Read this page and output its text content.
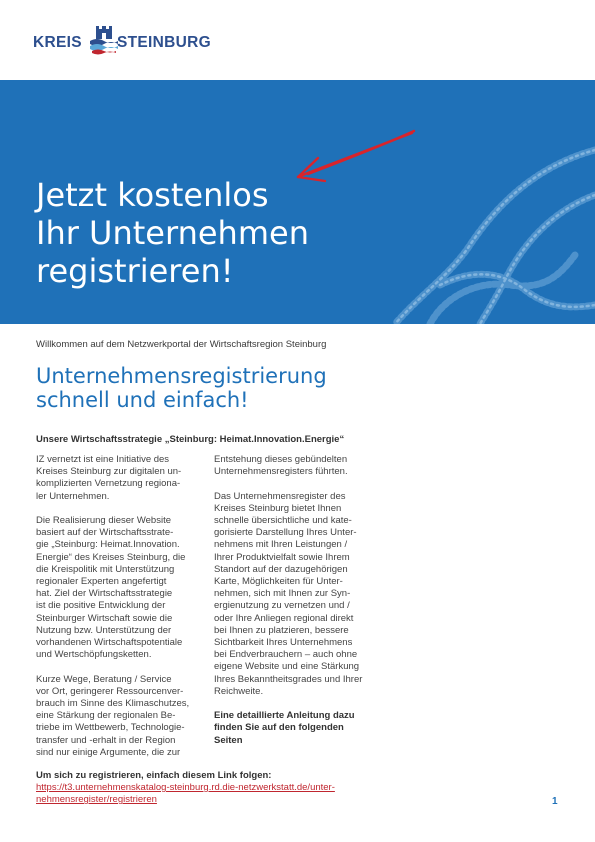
KREIS STEINBURG
Jetzt kostenlos
Ihr Unternehmen
registrieren!
Willkommen auf dem Netzwerkportal der Wirtschaftsregion Steinburg
Unternehmensregistrierung
schnell und einfach!
Unsere Wirtschaftsstrategie „Steinburg: Heimat.Innovation.Energie“

IZ vernetzt ist eine Initiative des
Kreises Steinburg zur digitalen un-
komplizierten Vernetzung regiona-
ler Unternehmen.

Die Realisierung dieser Website
basiert auf der Wirtschaftsstrate-
gie „Steinburg: Heimat.Innovation.
Energie“ des Kreises Steinburg, die
die Kreispolitik mit Unterstützung
regionaler Experten angefertigt
hat. Ziel der Wirtschaftsstrategie
ist die positive Entwicklung der
Steinburger Wirtschaft sowie die
Nutzung bzw. Unterstützung der
vorhandenen Wirtschaftspotentiale
und Wertschöpfungsketten.

Kurze Wege, Beratung / Service
vor Ort, geringerer Ressourcenver-
brauch im Sinne des Klimaschutzes,
eine Stärkung der regionalen Be-
triebe im Wettbewerb, Technologie-
transfer und -erhalt in der Region
sind nur einige Argumente, die zur

Entstehung dieses gebündelten
Unternehmensregisters führten.

Das Unternehmensregister des
Kreises Steinburg bietet Ihnen
schnelle übersichtliche und kate-
gorisierte Darstellung Ihres Unter-
nehmens mit Ihren Leistungen /
Ihrer Produktvielfalt sowie Ihrem
Standort auf der dazugehörigen
Karte, Möglichkeiten für Unter-
nehmen, sich mit Ihnen zur Syn-
ergienutzung zu vernetzen und /
oder Ihre Anliegen regional direkt
bei Ihnen zu platzieren, bessere
Sichtbarkeit Ihres Unternehmens
bei Endverbrauchern – auch ohne
eigene Website und eine Stärkung
Ihres Bekanntheitsgrades und Ihrer
Reichweite.

Eine detaillierte Anleitung dazu
finden Sie auf den folgenden
Seiten

Um sich zu registrieren, einfach diesem Link folgen:
https://t3.unternehmenskatalog-steinburg.rd.die-netzwerkstatt.de/unter-
nehmensregister/registrieren	1
